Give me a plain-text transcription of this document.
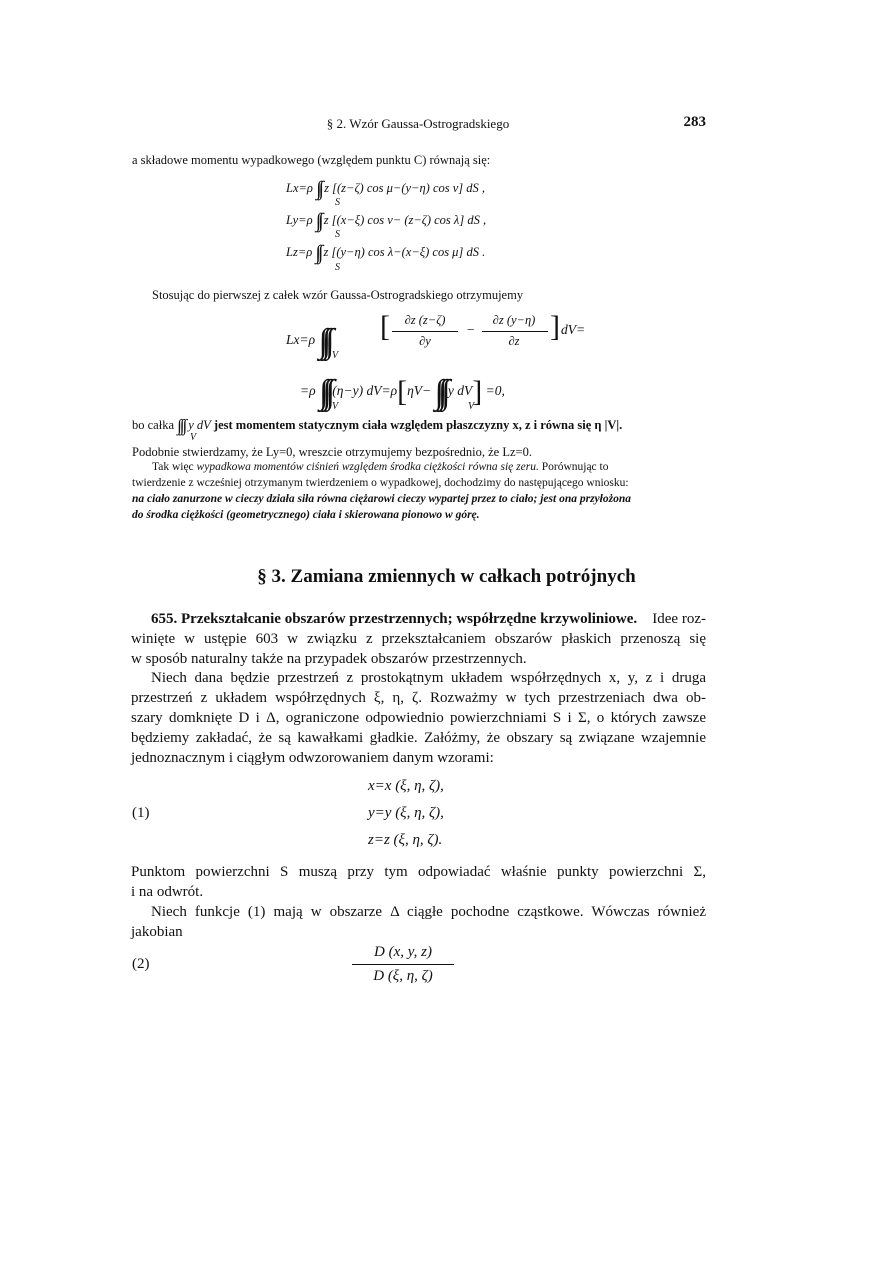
§ 2. Wzór Gaussa-Ostrogradskiego	283
a składowe momentu wypadkowego (względem punktu C) równają się:
Lx=ρ ∫∫ z [(z−ζ) cos μ−(y−η) cos ν] dS ,
S
Ly=ρ ∫∫ z [(x−ξ) cos ν− (z−ζ) cos λ] dS ,
S
Lz=ρ ∫∫ z [(y−η) cos λ−(x−ξ) cos μ] dS .
S
Stosując do pierwszej z całek wzór Gaussa-Ostrogradskiego otrzymujemy
Lx=ρ ∫∫∫ [	∂z (z−ζ)
∂y
−
∂z (y−η)
∂z	] dV=
V
=ρ ∫∫∫ (η−y) dV=ρ[ηV− ∫∫∫ y dV] =0,
V	V
bo całka ∫∫∫ y dV jest momentem statycznym ciała względem płaszczyzny x, z i równa się η |V|.
V
Podobnie stwierdzamy, że Ly=0, wreszcie otrzymujemy bezpośrednio, że Lz=0.
Tak więc wypadkowa momentów ciśnień względem środka ciężkości równa się zeru. Porównując to
twierdzenie z wcześniej otrzymanym twierdzeniem o wypadkowej, dochodzimy do następującego wniosku:
na ciało zanurzone w cieczy działa siła równa ciężarowi cieczy wypartej przez to ciało; jest ona przyłożona
do środka ciężkości (geometrycznego) ciała i skierowana pionowo w górę.
§ 3. Zamiana zmiennych w całkach potrójnych
655. Przekształcanie obszarów przestrzennych; współrzędne krzywoliniowe. Idee roz-
winięte w ustępie 603 w związku z przekształcaniem obszarów płaskich przenoszą się
w sposób naturalny także na przypadek obszarów przestrzennych.
Niech dana będzie przestrzeń z prostokątnym układem współrzędnych x, y, z i druga
przestrzeń z układem współrzędnych ξ, η, ζ. Rozważmy w tych przestrzeniach dwa ob-
szary domknięte D i Δ, ograniczone odpowiednio powierzchniami S i Σ, o których zawsze
będziemy zakładać, że są kawałkami gładkie. Załóżmy, że obszary są związane wzajemnie
jednoznacznym i ciągłym odwzorowaniem danym wzorami:
(1)
x=x (ξ, η, ζ),
y=y (ξ, η, ζ),
z=z (ξ, η, ζ).
Punktom powierzchni S muszą przy tym odpowiadać właśnie punkty powierzchni Σ,
i na odwrót.
Niech funkcje (1) mają w obszarze Δ ciągłe pochodne cząstkowe. Wówczas również
jakobian
(2)
D (x, y, z)
D (ξ, η, ζ)
